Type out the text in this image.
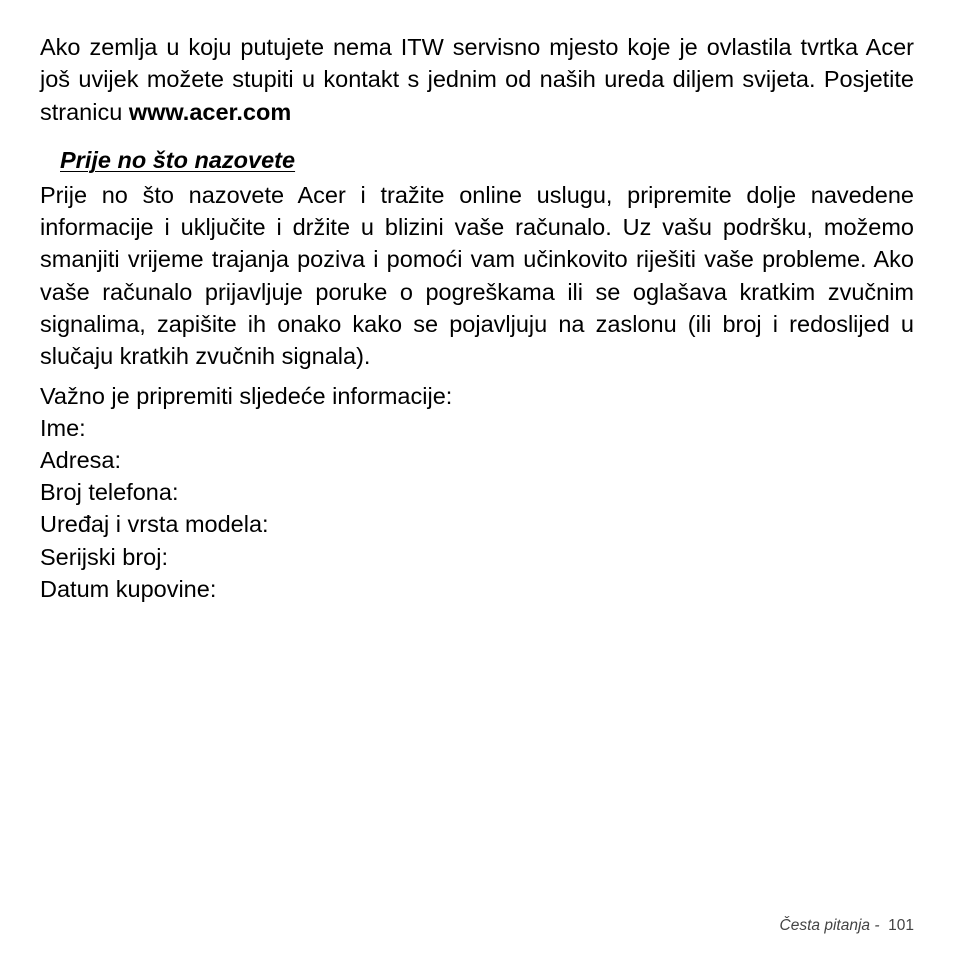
Ako zemlja u koju putujete nema ITW servisno mjesto koje je ovlastila tvrtka Acer još uvijek možete stupiti u kontakt s jednim od naših ureda diljem svijeta. Posjetite stranicu www.acer.com

Prije no što nazovete

Prije no što nazovete Acer i tražite online uslugu, pripremite dolje navedene informacije i uključite i držite u blizini vaše računalo. Uz vašu podršku, možemo smanjiti vrijeme trajanja poziva i pomoći vam učinkovito riješiti vaše probleme. Ako vaše računalo prijavljuje poruke o pogreškama ili se oglašava kratkim zvučnim signalima, zapišite ih onako kako se pojavljuju na zaslonu (ili broj i redoslijed u slučaju kratkih zvučnih signala).

Važno je pripremiti sljedeće informacije:
Ime:
Adresa:
Broj telefona:
Uređaj i vrsta modela:
Serijski broj:
Datum kupovine:
Česta pitanja - 101
